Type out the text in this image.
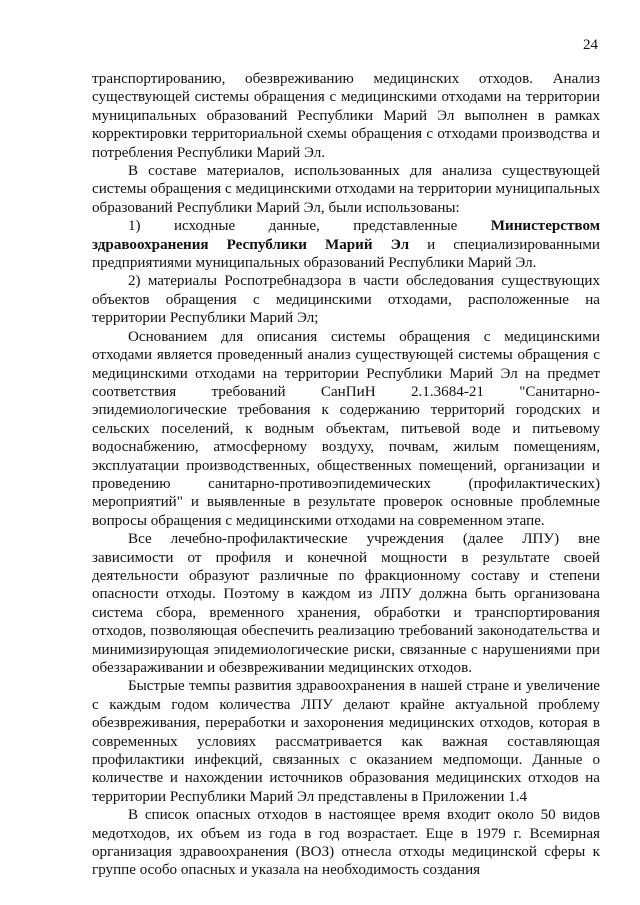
24

транспортированию, обезвреживанию медицинских отходов. Анализ существующей системы обращения с медицинскими отходами на территории муниципальных образований Республики Марий Эл выполнен в рамках корректировки территориальной схемы обращения с отходами производства и потребления Республики Марий Эл.

В составе материалов, использованных для анализа существующей системы обращения с медицинскими отходами на территории муниципальных образований Республики Марий Эл, были использованы:

1) исходные данные, представленные Министерством здравоохранения Республики Марий Эл и специализированными предприятиями муниципальных образований Республики Марий Эл.

2) материалы Роспотребнадзора в части обследования существующих объектов обращения с медицинскими отходами, расположенные на территории Республики Марий Эл;

Основанием для описания системы обращения с медицинскими отходами является проведенный анализ существующей системы обращения с медицинскими отходами на территории Республики Марий Эл на предмет соответствия требований СанПиН 2.1.3684-21 "Санитарно-эпидемиологические требования к содержанию территорий городских и сельских поселений, к водным объектам, питьевой воде и питьевому водоснабжению, атмосферному воздуху, почвам, жилым помещениям, эксплуатации производственных, общественных помещений, организации и проведению санитарно-противоэпидемических (профилактических) мероприятий" и выявленные в результате проверок основные проблемные вопросы обращения с медицинскими отходами на современном этапе.

Все лечебно-профилактические учреждения (далее ЛПУ) вне зависимости от профиля и конечной мощности в результате своей деятельности образуют различные по фракционному составу и степени опасности отходы. Поэтому в каждом из ЛПУ должна быть организована система сбора, временного хранения, обработки и транспортирования отходов, позволяющая обеспечить реализацию требований законодательства и минимизирующая эпидемиологические риски, связанные с нарушениями при обеззараживании и обезвреживании медицинских отходов.

Быстрые темпы развития здравоохранения в нашей стране и увеличение с каждым годом количества ЛПУ делают крайне актуальной проблему обезвреживания, переработки и захоронения медицинских отходов, которая в современных условиях рассматривается как важная составляющая профилактики инфекций, связанных с оказанием медпомощи. Данные о количестве и нахождении источников образования медицинских отходов на территории Республики Марий Эл представлены в Приложении 1.4

В список опасных отходов в настоящее время входит около 50 видов медотходов, их объем из года в год возрастает. Еще в 1979 г. Всемирная организация здравоохранения (ВОЗ) отнесла отходы медицинской сферы к группе особо опасных и указала на необходимость создания
